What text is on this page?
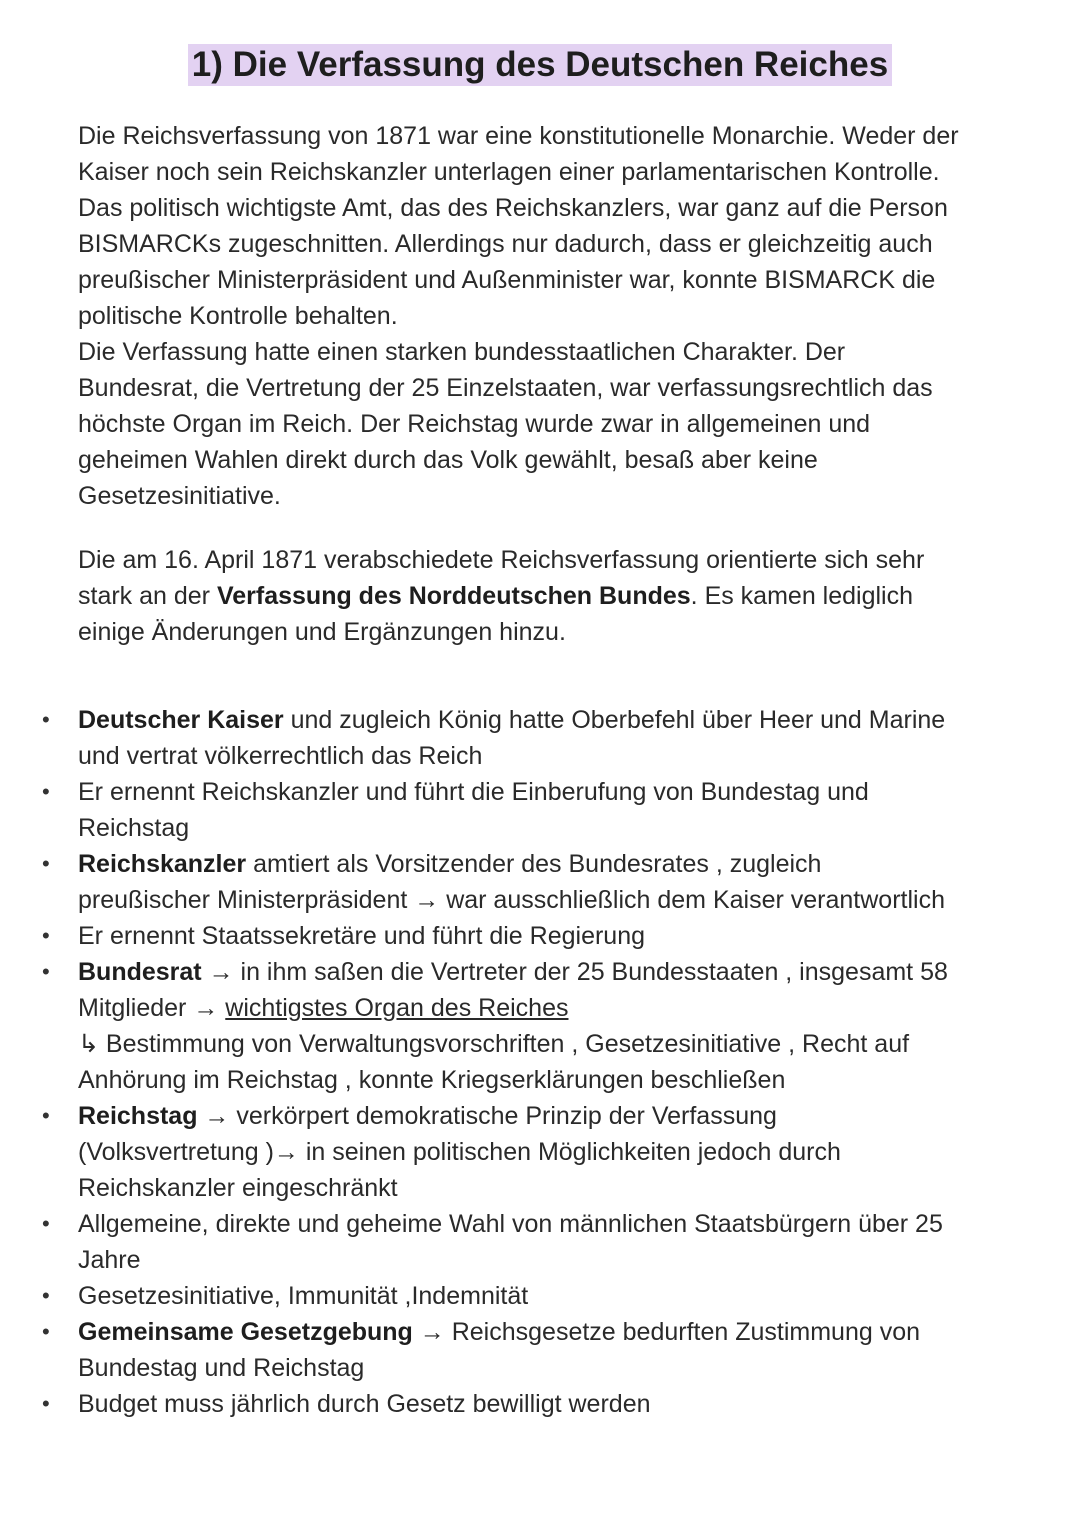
1) Die Verfassung des Deutschen Reiches

Die Reichsverfassung von 1871 war eine konstitutionelle Monarchie. Weder der

Kaiser noch sein Reichskanzler unterlagen einer parlamentarischen Kontrolle.

Das politisch wichtigste Amt, das des Reichskanzlers, war ganz auf die Person

BISMARCKs zugeschnitten. Allerdings nur dadurch, dass er gleichzeitig auch

preußischer Ministerpräsident und Außenminister war, konnte BISMARCK die

politische Kontrolle behalten.

Die Verfassung hatte einen starken bundesstaatlichen Charakter. Der

Bundesrat, die Vertretung der 25 Einzelstaaten, war verfassungsrechtlich das

höchste Organ im Reich. Der Reichstag wurde zwar in allgemeinen und

geheimen Wahlen direkt durch das Volk gewählt, besaß aber keine

Gesetzesinitiative.

Die am 16. April 1871 verabschiedete Reichsverfassung orientierte sich sehr

stark an der Verfassung des Norddeutschen Bundes. Es kamen lediglich

einige Änderungen und Ergänzungen hinzu.

• Deutscher Kaiser und zugleich König hatte Oberbefehl über Heer und Marine
und vertrat völkerrechtlich das Reich
• Er ernennt Reichskanzler und führt die Einberufung von Bundestag und
Reichstag
• Reichskanzler amtiert als Vorsitzender des Bundesrates , zugleich
preußischer Ministerpräsident → war ausschließlich dem Kaiser verantwortlich
• Er ernennt Staatssekretäre und führt die Regierung
• Bundesrat → in ihm saßen die Vertreter der 25 Bundesstaaten , insgesamt 58
Mitglieder → wichtigstes Organ des Reiches
↳ Bestimmung von Verwaltungsvorschriften , Gesetzesinitiative , Recht auf
Anhörung im Reichstag , konnte Kriegserklärungen beschließen
• Reichstag → verkörpert demokratische Prinzip der Verfassung
(Volksvertretung )→ in seinen politischen Möglichkeiten jedoch durch
Reichskanzler eingeschränkt
• Allgemeine, direkte und geheime Wahl von männlichen Staatsbürgern über 25
Jahre
• Gesetzesinitiative, Immunität ,Indemnität
• Gemeinsame Gesetzgebung → Reichsgesetze bedurften Zustimmung von
Bundestag und Reichstag
• Budget muss jährlich durch Gesetz bewilligt werden
